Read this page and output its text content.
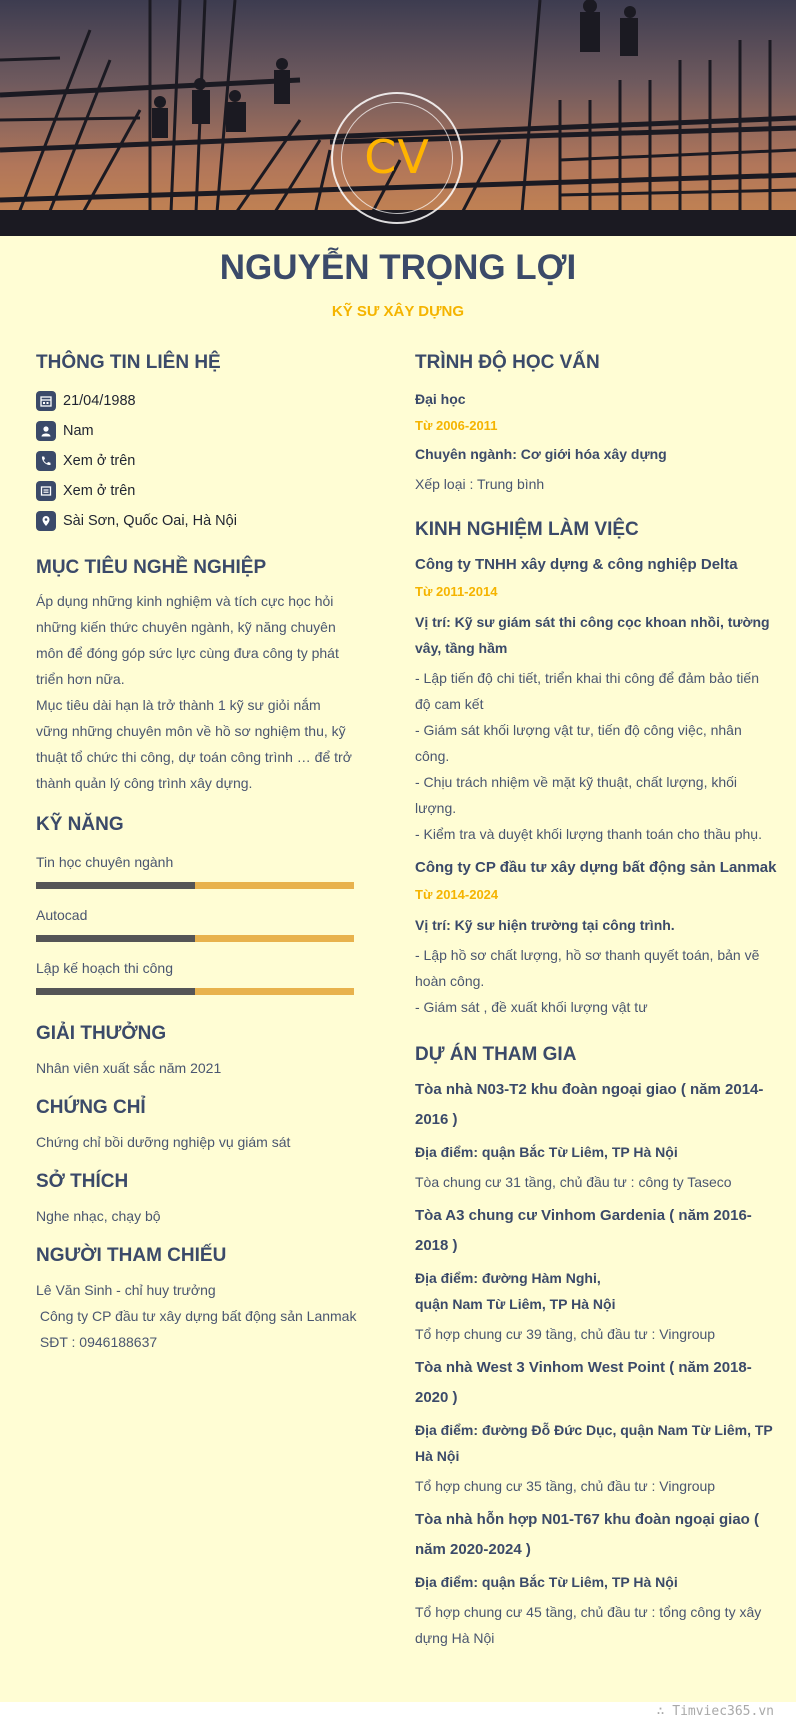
CV
NGUYỄN TRỌNG LỢI
KỸ SƯ XÂY DỰNG
THÔNG TIN LIÊN HỆ
21/04/1988
Nam
Xem ở trên
Xem ở trên
Sài Sơn, Quốc Oai, Hà Nội
MỤC TIÊU NGHỀ NGHIỆP
Áp dụng những kinh nghiệm và tích cực học hỏi những kiến thức chuyên ngành, kỹ năng chuyên môn để đóng góp sức lực cùng đưa công ty phát triển hơn nữa.
Mục tiêu dài hạn là trở thành 1 kỹ sư giỏi nắm vững những chuyên môn về hồ sơ nghiệm thu, kỹ thuật tổ chức thi công, dự toán công trình … để trở thành quản lý công trình xây dựng.
KỸ NĂNG
Tin học chuyên ngành
Autocad
Lập kế hoạch thi công
GIẢI THƯỞNG
Nhân viên xuất sắc năm 2021
CHỨNG CHỈ
Chứng chỉ bồi dưỡng nghiệp vụ giám sát
SỞ THÍCH
Nghe nhạc, chạy bộ
NGƯỜI THAM CHIẾU
Lê Văn Sinh - chỉ huy trưởng
Công ty CP đầu tư xây dựng bất động sản Lanmak
SĐT : 0946188637
TRÌNH ĐỘ HỌC VẤN
Đại học
Từ 2006-2011
Chuyên ngành: Cơ giới hóa xây dựng
Xếp loại : Trung bình
KINH NGHIỆM LÀM VIỆC
Công ty TNHH xây dựng & công nghiệp Delta
Từ 2011-2014
Vị trí: Kỹ sư giám sát thi công cọc khoan nhồi, tường vây, tầng hầm
- Lập tiến độ chi tiết, triển khai thi công để đảm bảo tiến độ cam kết
- Giám sát khối lượng vật tư, tiến độ công việc, nhân công.
- Chịu trách nhiệm về mặt kỹ thuật, chất lượng, khối lượng.
- Kiểm tra và duyệt khối lượng thanh toán cho thầu phụ.
Công ty CP đầu tư xây dựng bất động sản Lanmak
Từ 2014-2024
Vị trí: Kỹ sư hiện trường tại công trình.
- Lập hồ sơ chất lượng, hồ sơ thanh quyết toán, bản vẽ hoàn công.
- Giám sát , đề xuất khối lượng vật tư
DỰ ÁN THAM GIA
Tòa nhà N03-T2 khu đoàn ngoại giao ( năm 2014-2016 )
Địa điểm: quận Bắc Từ Liêm, TP Hà Nội
Tòa chung cư 31 tầng, chủ đầu tư : công ty Taseco
Tòa A3 chung cư Vinhom Gardenia ( năm 2016-2018 )
Địa điểm: đường Hàm Nghi,
quận Nam Từ Liêm, TP Hà Nội
Tổ hợp chung cư 39 tầng, chủ đầu tư : Vingroup
Tòa nhà West 3 Vinhom West Point ( năm 2018-2020 )
Địa điểm: đường Đỗ Đức Dục, quận Nam Từ Liêm, TP Hà Nội
Tổ hợp chung cư 35 tầng, chủ đầu tư : Vingroup
Tòa nhà hỗn hợp N01-T67 khu đoàn ngoại giao ( năm 2020-2024 )
Địa điểm: quận Bắc Từ Liêm, TP Hà Nội
Tổ hợp chung cư 45 tầng, chủ đầu tư : tổng công ty xây dựng Hà Nội
∴ Timviec365.vn
